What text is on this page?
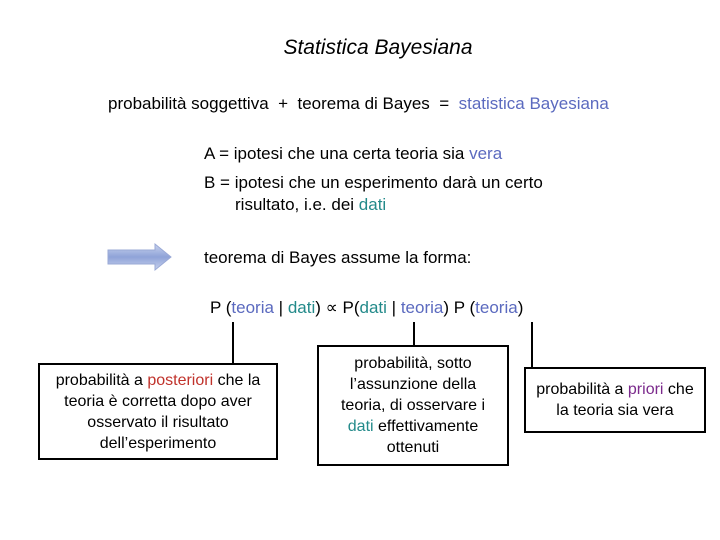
Statistica Bayesiana
probabilità soggettiva  +  teorema di Bayes  =  statistica Bayesiana
A = ipotesi che una certa teoria sia vera
B = ipotesi che un esperimento darà un certo
risultato, i.e. dei dati
teorema di Bayes assume la forma:
P (teoria | dati) ∝ P(dati | teoria) P (teoria)
probabilità a posteriori che la teoria è corretta dopo aver osservato il risultato dell’esperimento
probabilità, sotto l’assunzione della teoria, di osservare i dati effettivamente ottenuti
probabilità a priori che la teoria sia vera
